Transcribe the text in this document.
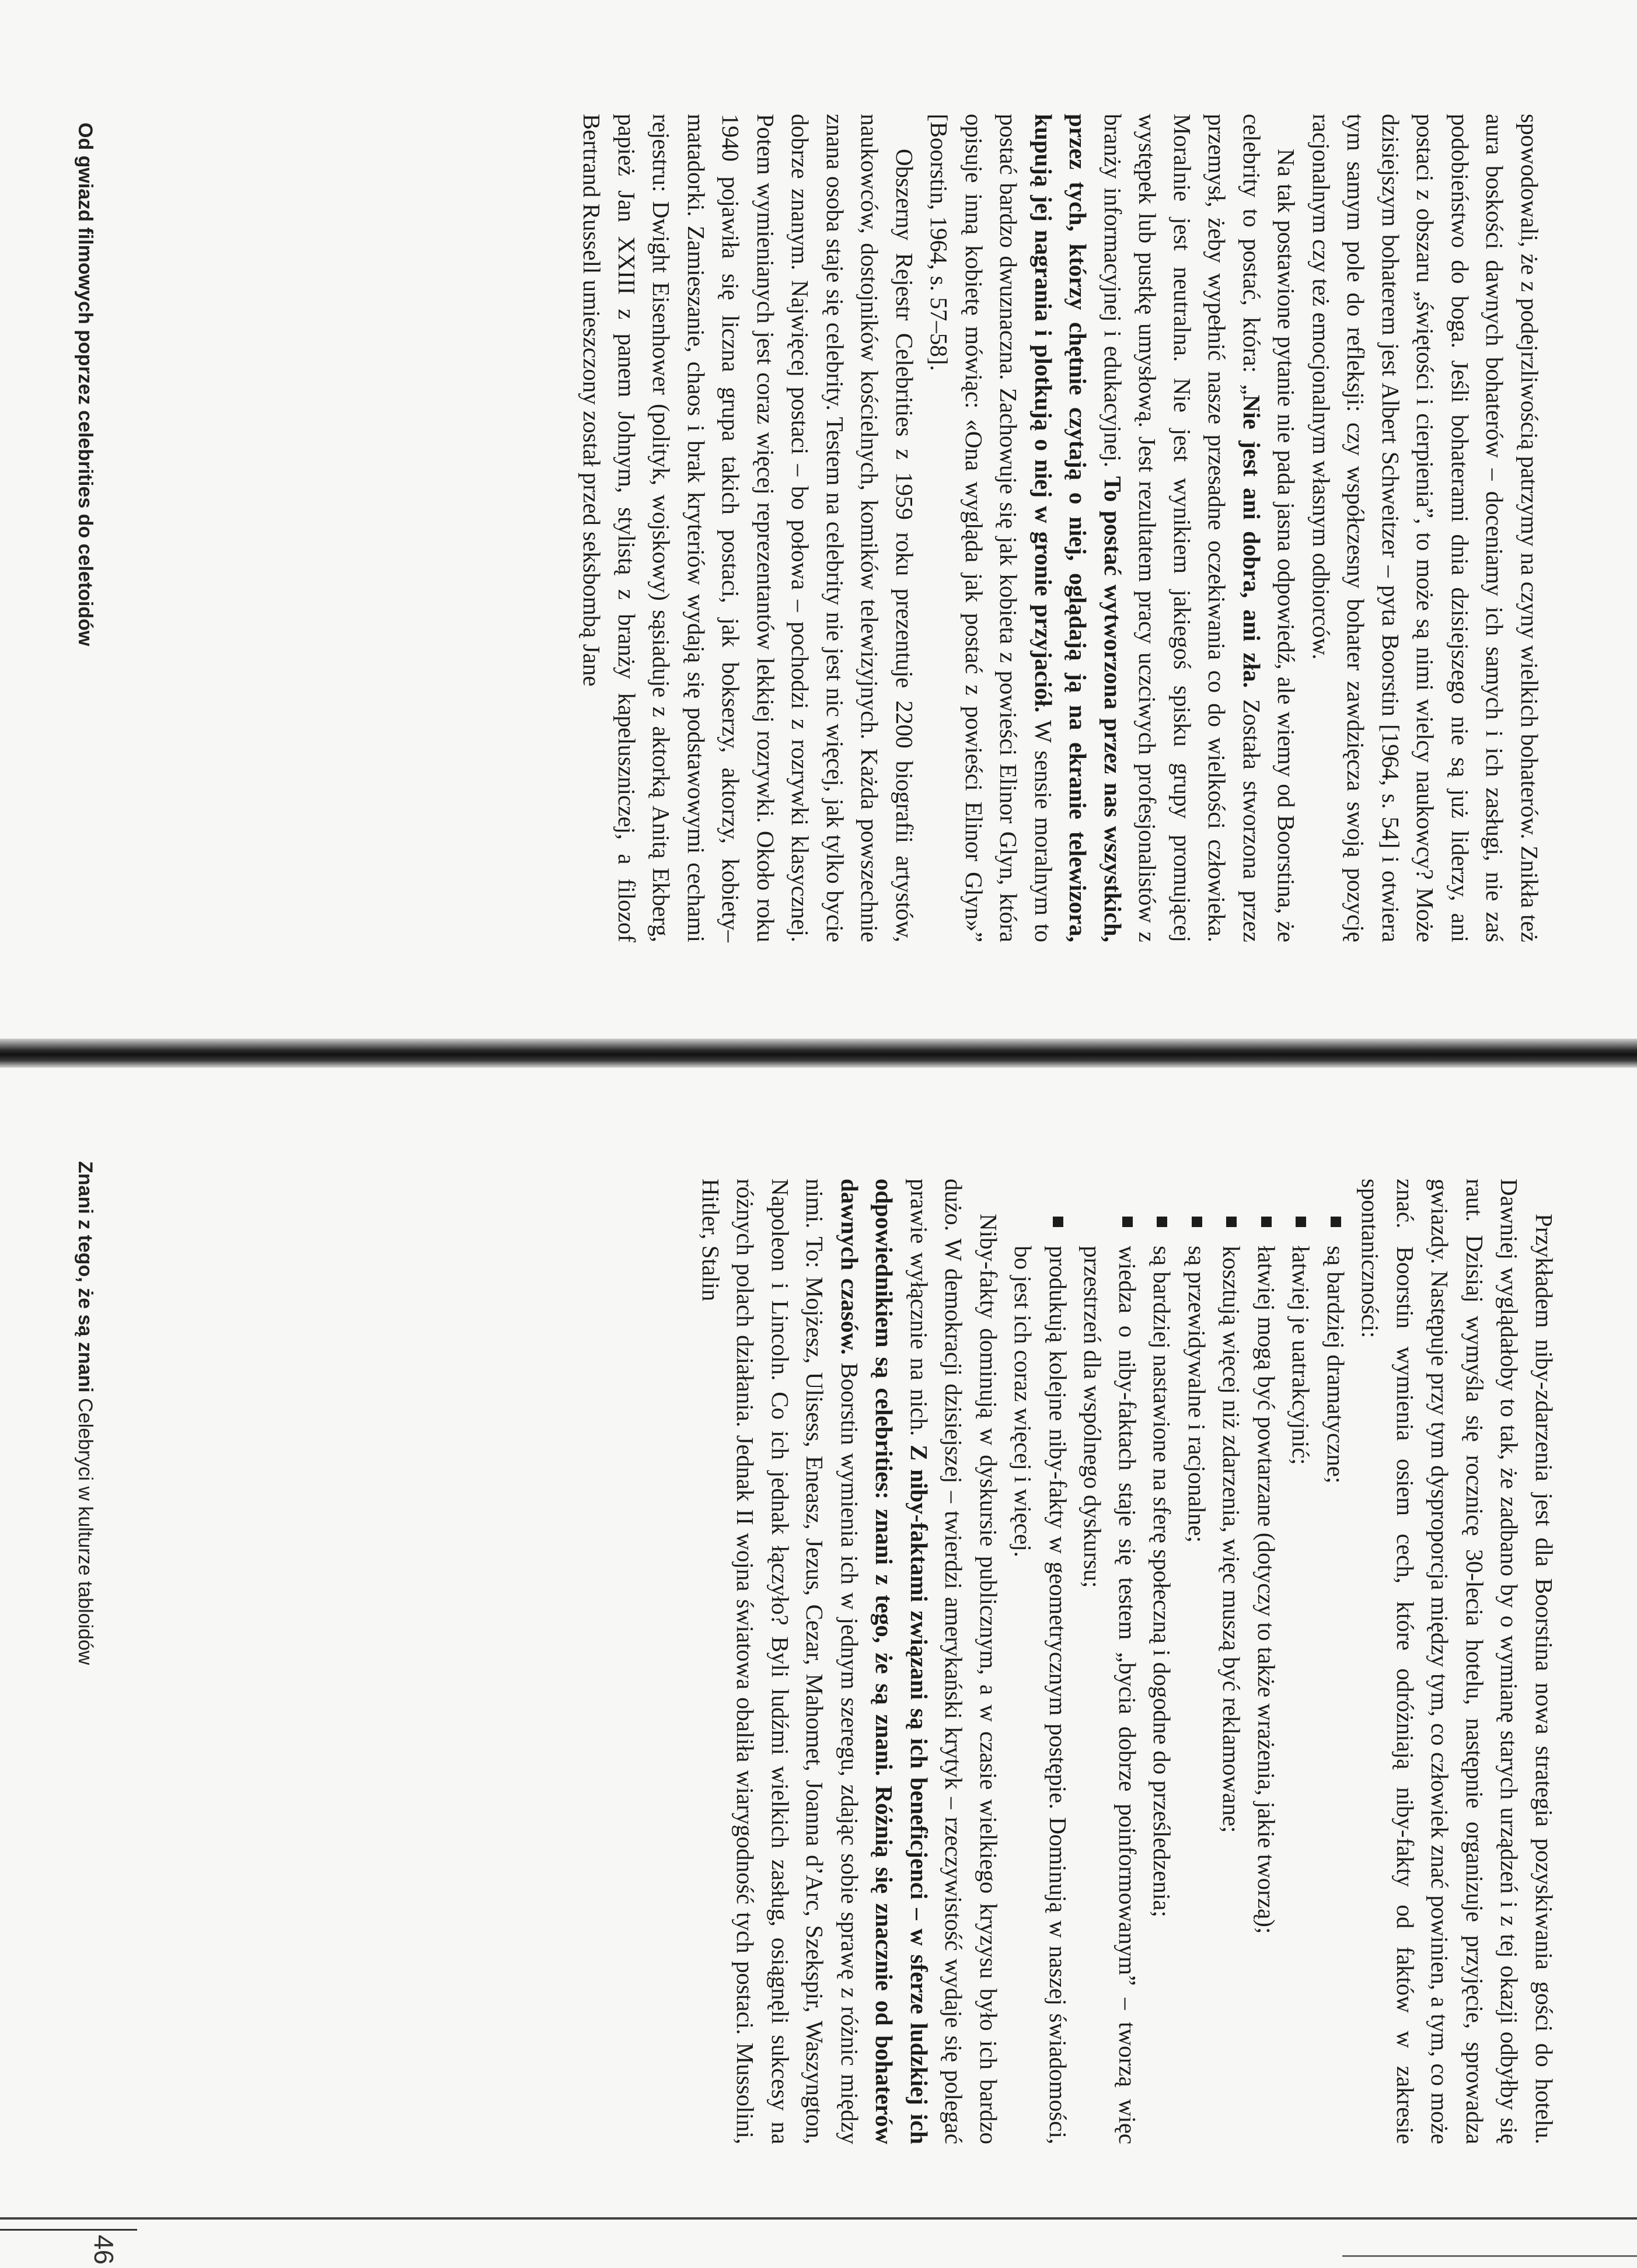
Od gwiazd filmowych poprzez celebrities do celetoidów	spowodowali, że z podejrzliwością patrzymy na czyny wielkich bohaterów. Znikła też aura boskości dawnych bohaterów – doceniamy ich samych i ich zasługi, nie zaś podobieństwo do boga. Jeśli bohaterami dnia dzisiejszego nie są już liderzy, ani postaci z obszaru „świętości i cierpienia”, to może są nimi wielcy naukowcy? Może dzisiejszym bohaterem jest Albert Schweitzer – pyta Boorstin [1964, s. 54] i otwiera tym samym pole do refleksji: czy współczesny bohater zawdzięcza swoją pozycję racjonalnym czy też emocjonalnym własnym odbiorców.

Na tak postawione pytanie nie pada jasna odpowiedź, ale wiemy od Boorstina, że celebrity to postać, która: „Nie jest ani dobra, ani zła. Została stworzona przez przemysł, żeby wypełnić nasze przesadne oczekiwania co do wielkości człowieka. Moralnie jest neutralna. Nie jest wynikiem jakiegoś spisku grupy promującej występek lub pustkę umysłową. Jest rezultatem pracy uczciwych profesjonalistów z branży informacyjnej i edukacyjnej. To postać wytworzona przez nas wszystkich, przez tych, którzy chętnie czytają o niej, oglądają ją na ekranie telewizora, kupują jej nagrania i plotkują o niej w gronie przyjaciół. W sensie moralnym to postać bardzo dwuznaczna. Zachowuje się jak kobieta z powieści Elinor Glyn, która opisuje inną kobietę mówiąc: «Ona wygląda jak postać z powieści Elinor Glyn»” [Boorstin, 1964, s. 57–58].

Obszerny Rejestr Celebrities z 1959 roku prezentuje 2200 biografii artystów, naukowców, dostojników kościelnych, komików telewizyjnych. Każda powszechnie znana osoba staje się celebrity. Testem na celebrity nie jest nic więcej, jak tylko bycie dobrze znanym. Najwięcej postaci – bo połowa – pochodzi z rozrywki klasycznej. Potem wymienianych jest coraz więcej reprezentantów lekkiej rozrywki. Około roku 1940 pojawiła się liczna grupa takich postaci, jak bokserzy, aktorzy, kobiety–matadorki. Zamieszanie, chaos i brak kryteriów wydają się podstawowymi cechami rejestru: Dwight Eisenhower (polityk, wojskowy) sąsiaduje z aktorką Anitą Ekberg, papież Jan XXIII z panem Johnym, stylistą z branży kapeluszniczej, a filozof Bertrand Russell umieszczony został przed seksbombą Jane

Znani z tego, że są znani Celebryci w kulturze tabloidów	Przykładem niby-zdarzenia jest dla Boorstina nowa strategia pozyskiwania gości do hotelu. Dawniej wyglądałoby to tak, że zadbano by o wymianę starych urządzeń i z tej okazji odbyłby się raut. Dzisiaj wymyśla się rocznicę 30-lecia hotelu, następnie organizuje przyjęcie, sprowadza gwiazdy. Następuje przy tym dysproporcja między tym, co człowiek znać powinien, a tym, co może znać. Boorstin wymienia osiem cech, które odróżniają niby-fakty od faktów w zakresie spontaniczności:

są bardziej dramatyczne;
łatwiej je uatrakcyjnić;
łatwiej mogą być powtarzane (dotyczy to także wrażenia, jakie tworzą);
kosztują więcej niż zdarzenia, więc muszą być reklamowane;
są przewidywalne i racjonalne;
są bardziej nastawione na sferę społeczną i dogodne do prześledzenia;
wiedza o niby-faktach staje się testem „bycia dobrze poinformowanym” – tworzą więc przestrzeń dla wspólnego dyskursu;
produkują kolejne niby-fakty w geometrycznym postępie. Dominują w naszej świadomości, bo jest ich coraz więcej i więcej.

Niby-fakty dominują w dyskursie publicznym, a w czasie wielkiego kryzysu było ich bardzo dużo. W demokracji dzisiejszej – twierdzi amerykański krytyk – rzeczywistość wydaje się polegać prawie wyłącznie na nich. Z niby-faktami związani są ich beneficjenci – w sferze ludzkiej ich odpowiednikiem są celebrities: znani z tego, że są znani. Różnią się znacznie od bohaterów dawnych czasów. Boorstin wymienia ich w jednym szeregu, zdając sobie sprawę z różnic między nimi. To: Mojżesz, Ulisess, Eneasz, Jezus, Cezar, Mahomet, Joanna d’Arc, Szekspir, Waszyngton, Napoleon i Lincoln. Co ich jednak łączyło? Byli ludźmi wielkich zasług, osiągnęli sukcesy na różnych polach działania. Jednak II wojna światowa obaliła wiarygodność tych postaci. Mussolini, Hitler, Stalin

46
